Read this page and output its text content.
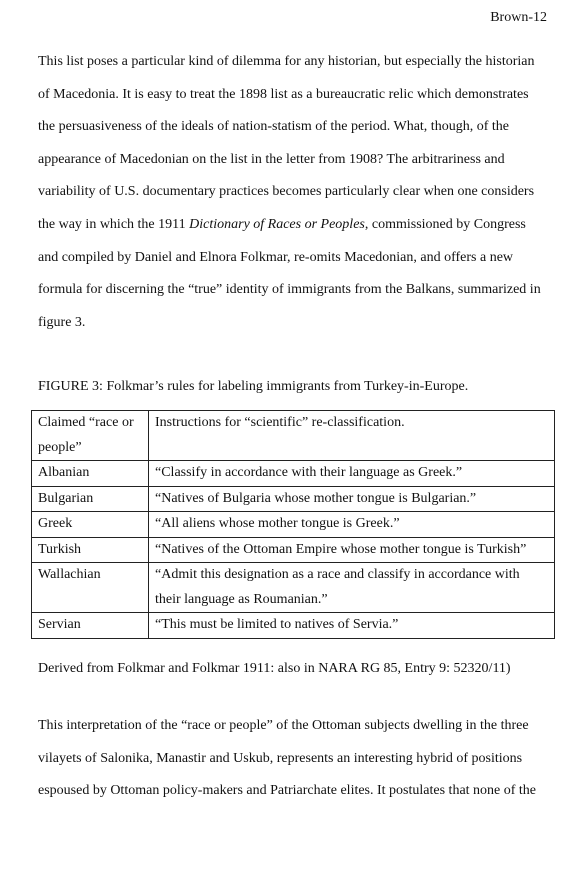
Brown-12

This list poses a particular kind of dilemma for any historian, but especially the historian
of Macedonia. It is easy to treat the 1898 list as a bureaucratic relic which demonstrates
the persuasiveness of the ideals of nation-statism of the period. What, though, of the
appearance of Macedonian on the list in the letter from 1908? The arbitrariness and
variability of U.S. documentary practices becomes particularly clear when one considers
the way in which the 1911 Dictionary of Races or Peoples, commissioned by Congress
and compiled by Daniel and Elnora Folkmar, re-omits Macedonian, and offers a new
formula for discerning the “true” identity of immigrants from the Balkans, summarized in
figure 3.

FIGURE 3: Folkmar’s rules for labeling immigrants from Turkey-in-Europe.
Claimed “race or people”	Instructions for “scientific” re-classification.
Albanian	“Classify in accordance with their language as Greek.”
Bulgarian	“Natives of Bulgaria whose mother tongue is Bulgarian.”
Greek	“All aliens whose mother tongue is Greek.”
Turkish	“Natives of the Ottoman Empire whose mother tongue is Turkish”
Wallachian	“Admit this designation as a race and classify in accordance with their language as Roumanian.”
Servian	“This must be limited to natives of Servia.”
Derived from Folkmar and Folkmar 1911: also in NARA RG 85, Entry 9: 52320/11)

This interpretation of the “race or people” of the Ottoman subjects dwelling in the three
vilayets of Salonika, Manastir and Uskub, represents an interesting hybrid of positions
espoused by Ottoman policy-makers and Patriarchate elites. It postulates that none of the
